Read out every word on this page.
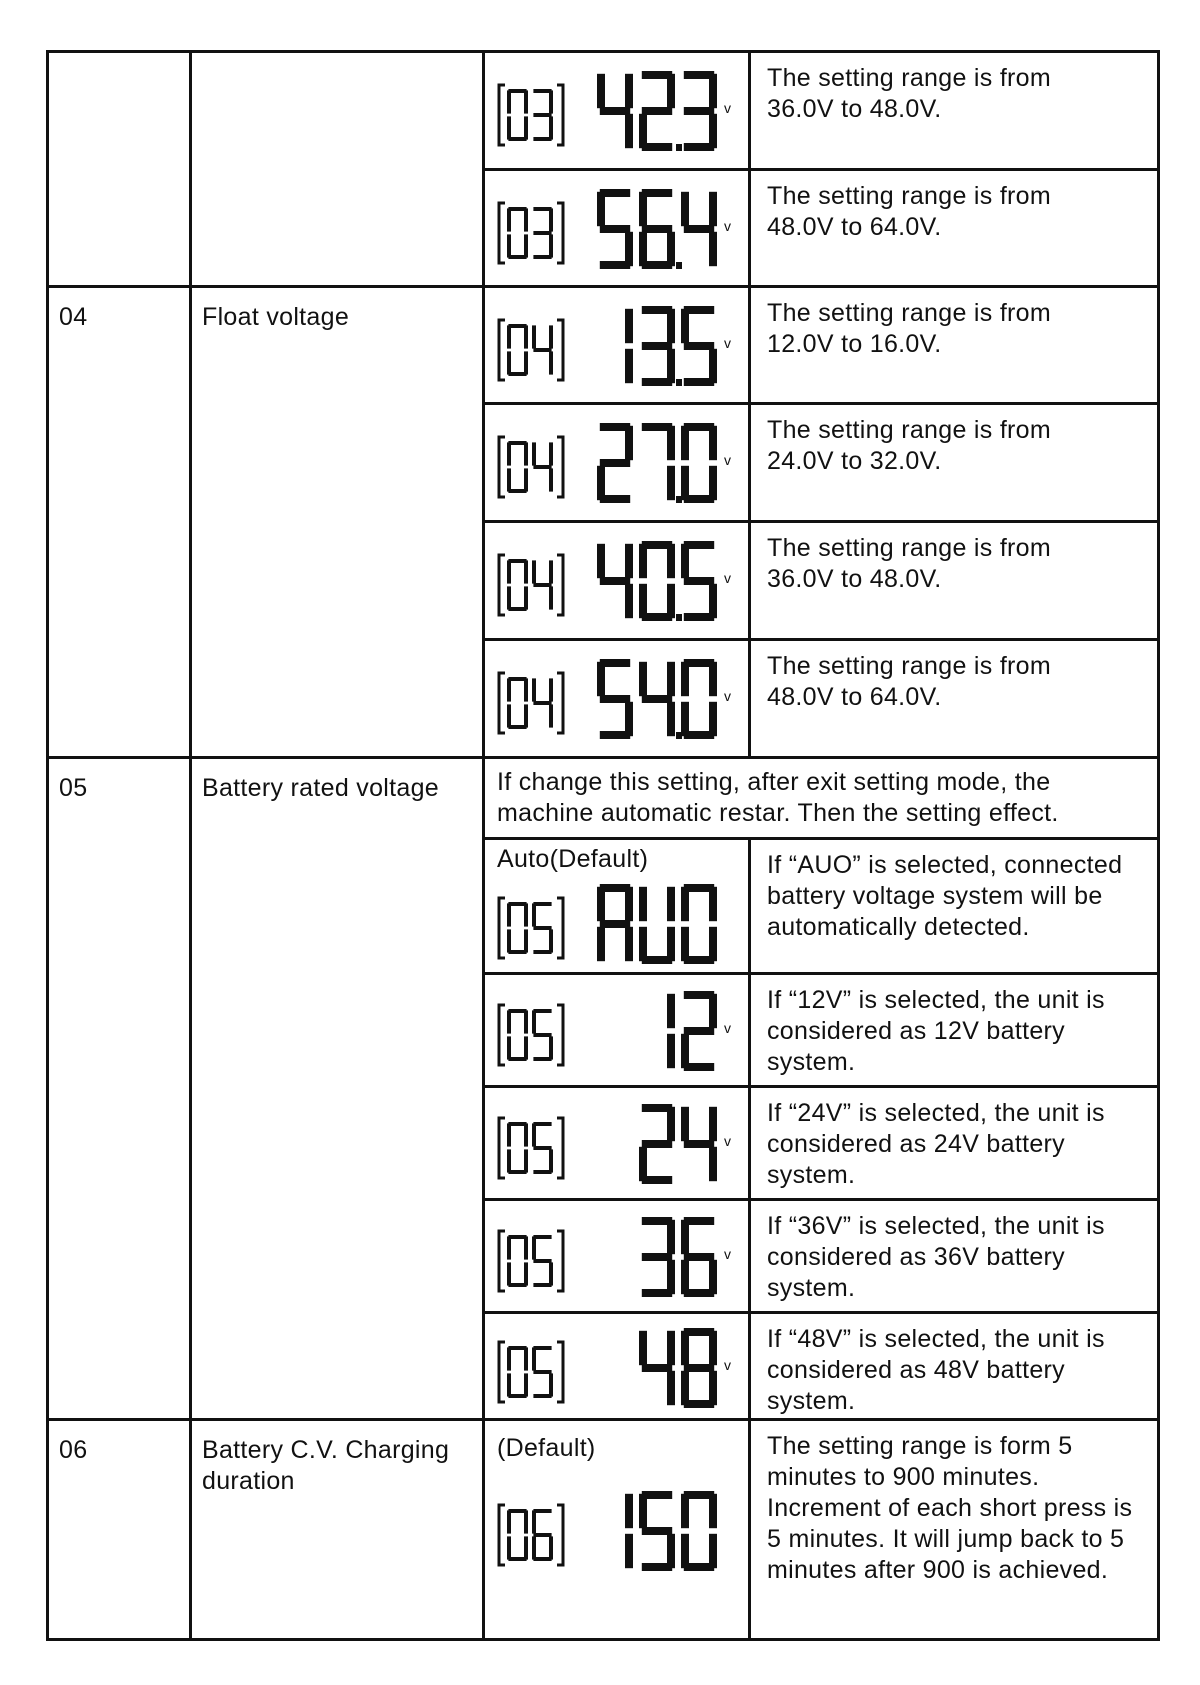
04
05
06
Float voltage
Battery rated voltage
Battery C.V. Charging duration
v
v
v
v
v
v
If change this setting, after exit setting mode, the machine automatic restar. Then the setting effect.
Auto(Default)
v
v
v
v
(Default)
The setting range is from 36.0V to 48.0V.
The setting range is from 48.0V to 64.0V.
The setting range is from 12.0V to 16.0V.
The setting range is from 24.0V to 32.0V.
The setting range is from 36.0V to 48.0V.
The setting range is from 48.0V to 64.0V.
If “AUO” is selected, connected battery voltage system will be automatically detected.
If “12V” is selected, the unit is considered as 12V battery system.
If “24V” is selected, the unit is considered as 24V battery system.
If “36V” is selected, the unit is considered as 36V battery system.
If “48V” is selected, the unit is considered as 48V battery system.
The setting range is form 5 minutes to 900 minutes. Increment of each short press is 5 minutes. It will jump back to 5 minutes after 900 is achieved.
